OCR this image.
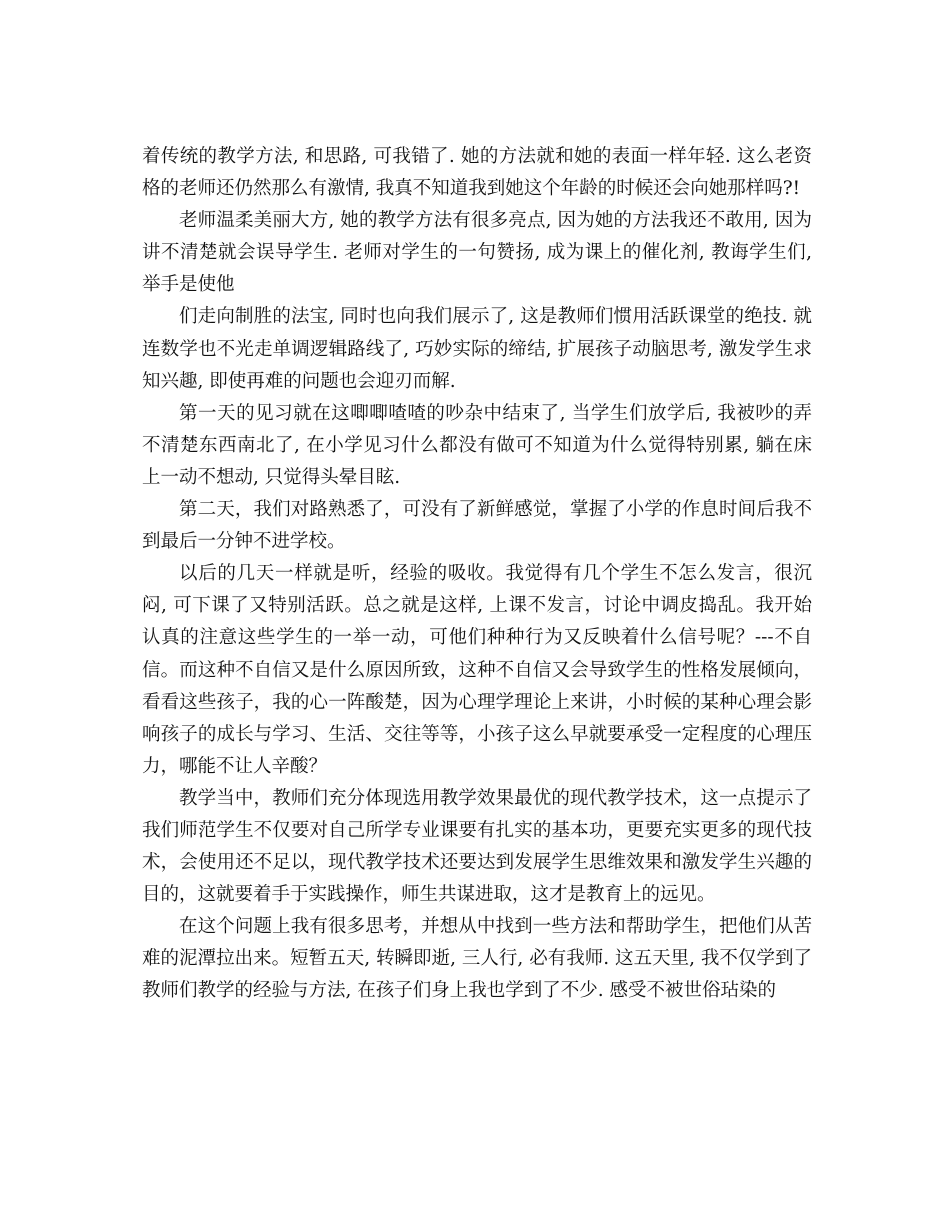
着传统的教学方法, 和思路, 可我错了. 她的方法就和她的表面一样年轻. 这么老资格的老师还仍然那么有激情, 我真不知道我到她这个年龄的时候还会向她那样吗?!

老师温柔美丽大方, 她的教学方法有很多亮点, 因为她的方法我还不敢用, 因为讲不清楚就会误导学生. 老师对学生的一句赞扬, 成为课上的催化剂, 教诲学生们, 举手是使他

们走向制胜的法宝, 同时也向我们展示了, 这是教师们惯用活跃课堂的绝技. 就连数学也不光走单调逻辑路线了, 巧妙实际的缔结, 扩展孩子动脑思考, 激发学生求知兴趣, 即使再难的问题也会迎刃而解.

第一天的见习就在这唧唧喳喳的吵杂中结束了, 当学生们放学后, 我被吵的弄不清楚东西南北了, 在小学见习什么都没有做可不知道为什么觉得特别累, 躺在床上一动不想动, 只觉得头晕目眩.

第二天，我们对路熟悉了，可没有了新鲜感觉，掌握了小学的作息时间后我不到最后一分钟不进学校。

以后的几天一样就是听，经验的吸收。我觉得有几个学生不怎么发言，很沉闷, 可下课了又特别活跃。总之就是这样, 上课不发言，讨论中调皮捣乱。我开始认真的注意这些学生的一举一动，可他们种种行为又反映着什么信号呢？---不自信。而这种不自信又是什么原因所致，这种不自信又会导致学生的性格发展倾向，看看这些孩子，我的心一阵酸楚，因为心理学理论上来讲，小时候的某种心理会影响孩子的成长与学习、生活、交往等等，小孩子这么早就要承受一定程度的心理压力，哪能不让人辛酸？

教学当中，教师们充分体现选用教学效果最优的现代教学技术，这一点提示了我们师范学生不仅要对自己所学专业课要有扎实的基本功，更要充实更多的现代技术，会使用还不足以，现代教学技术还要达到发展学生思维效果和激发学生兴趣的目的，这就要着手于实践操作，师生共谋进取，这才是教育上的远见。

在这个问题上我有很多思考，并想从中找到一些方法和帮助学生，把他们从苦难的泥潭拉出来。短暂五天, 转瞬即逝, 三人行, 必有我师. 这五天里, 我不仅学到了教师们教学的经验与方法, 在孩子们身上我也学到了不少. 感受不被世俗玷染的
